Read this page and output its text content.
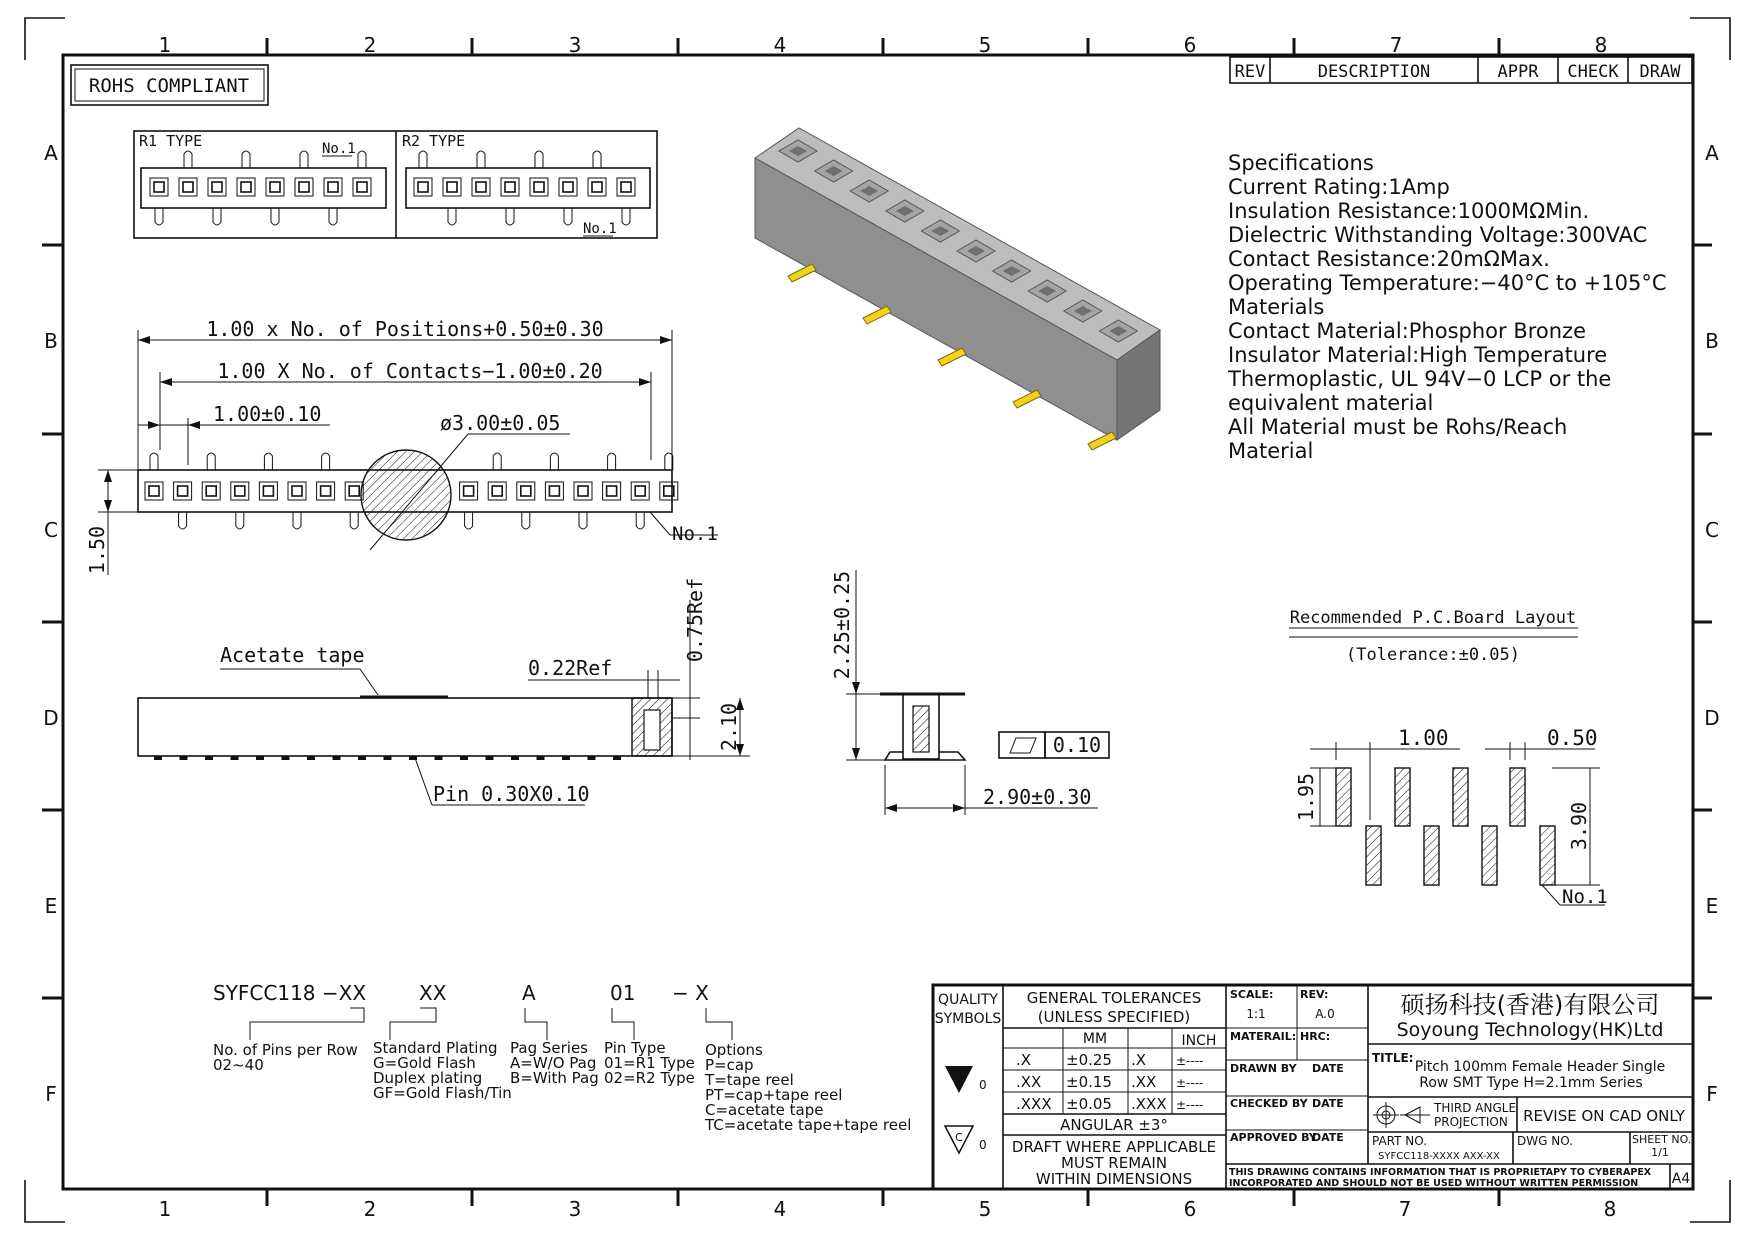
1	2	3	4	5	6	7	8
1	2	3	4	5	6	7	8
A
B
C
D
E
F
A
B
C
D
E
F
ROHS COMPLIANT
REV	DESCRIPTION	APPR CHECK DRAW
R1 TYPE	R2 TYPE
No.1
No.1
Specifications
Current Rating:1Amp
Insulation Resistance:1000MΩMin.
Dielectric Withstanding Voltage:300VAC
Contact Resistance:20mΩMax.
Operating Temperature:−40°C to +105°C
Materials
Contact Material:Phosphor Bronze
Insulator Material:High Temperature
Thermoplastic, UL 94V−0 LCP or the
equivalent material
All Material must be Rohs/Reach
Material
1.00 x No. of Positions+0.50±0.30
1.00 X No. of Contacts−1.00±0.20
1.00±0.10
1.50
ø3.00±0.05
No.1
Acetate tape
0.22Ref
0.75Ref
2.10
Pin 0.30X0.10
2.25±0.25
0.10
2.90±0.30
Recommended P.C.Board Layout
(Tolerance:±0.05)
1.00	0.50
1.95
3.90
No.1
SYFCC118 −XX	XX	A	01 − X
No. of Pins per Row
02~40
Standard Plating
G=Gold Flash
Duplex plating
GF=Gold Flash/Tin
Pag Series
A=W/O Pag
B=With Pag
Pin Type
01=R1 Type
02=R2 Type
Options
P=cap
T=tape reel
PT=cap+tape reel
C=acetate tape
TC=acetate tape+tape reel
QUALITY
SYMBOLS
0
C
0
GENERAL TOLERANCES
(UNLESS SPECIFIED)
MM	INCH
.X ±0.25 .X ±----
.XX ±0.15 .XX ±----
.XXX ±0.05 .XXX ±----
ANGULAR ±3°
DRAFT WHERE APPLICABLE
MUST REMAIN
WITHIN DIMENSIONS
SCALE:
1:1
REV:
A.0
MATERAIL: HRC:
DRAWN BY DATE
CHECKED BY DATE
APPROVED BY
DATE
硕扬科技(香港)有限公司
Soyoung Technology(HK)Ltd
TITLE:
Pitch 100mm Female Header Single
Row SMT Type H=2.1mm Series
THIRD ANGLE
PROJECTION REVISE ON CAD ONLY
PART NO.
SYFCC118-XXXX AXX-XX
DWG NO.	SHEET NO.
1/1
THIS DRAWING CONTAINS INFORMATION THAT IS PROPRIETAPY TO CYBERAPEX
INCORPORATED AND SHOULD NOT BE USED WITHOUT WRITTEN PERMISSION A4
